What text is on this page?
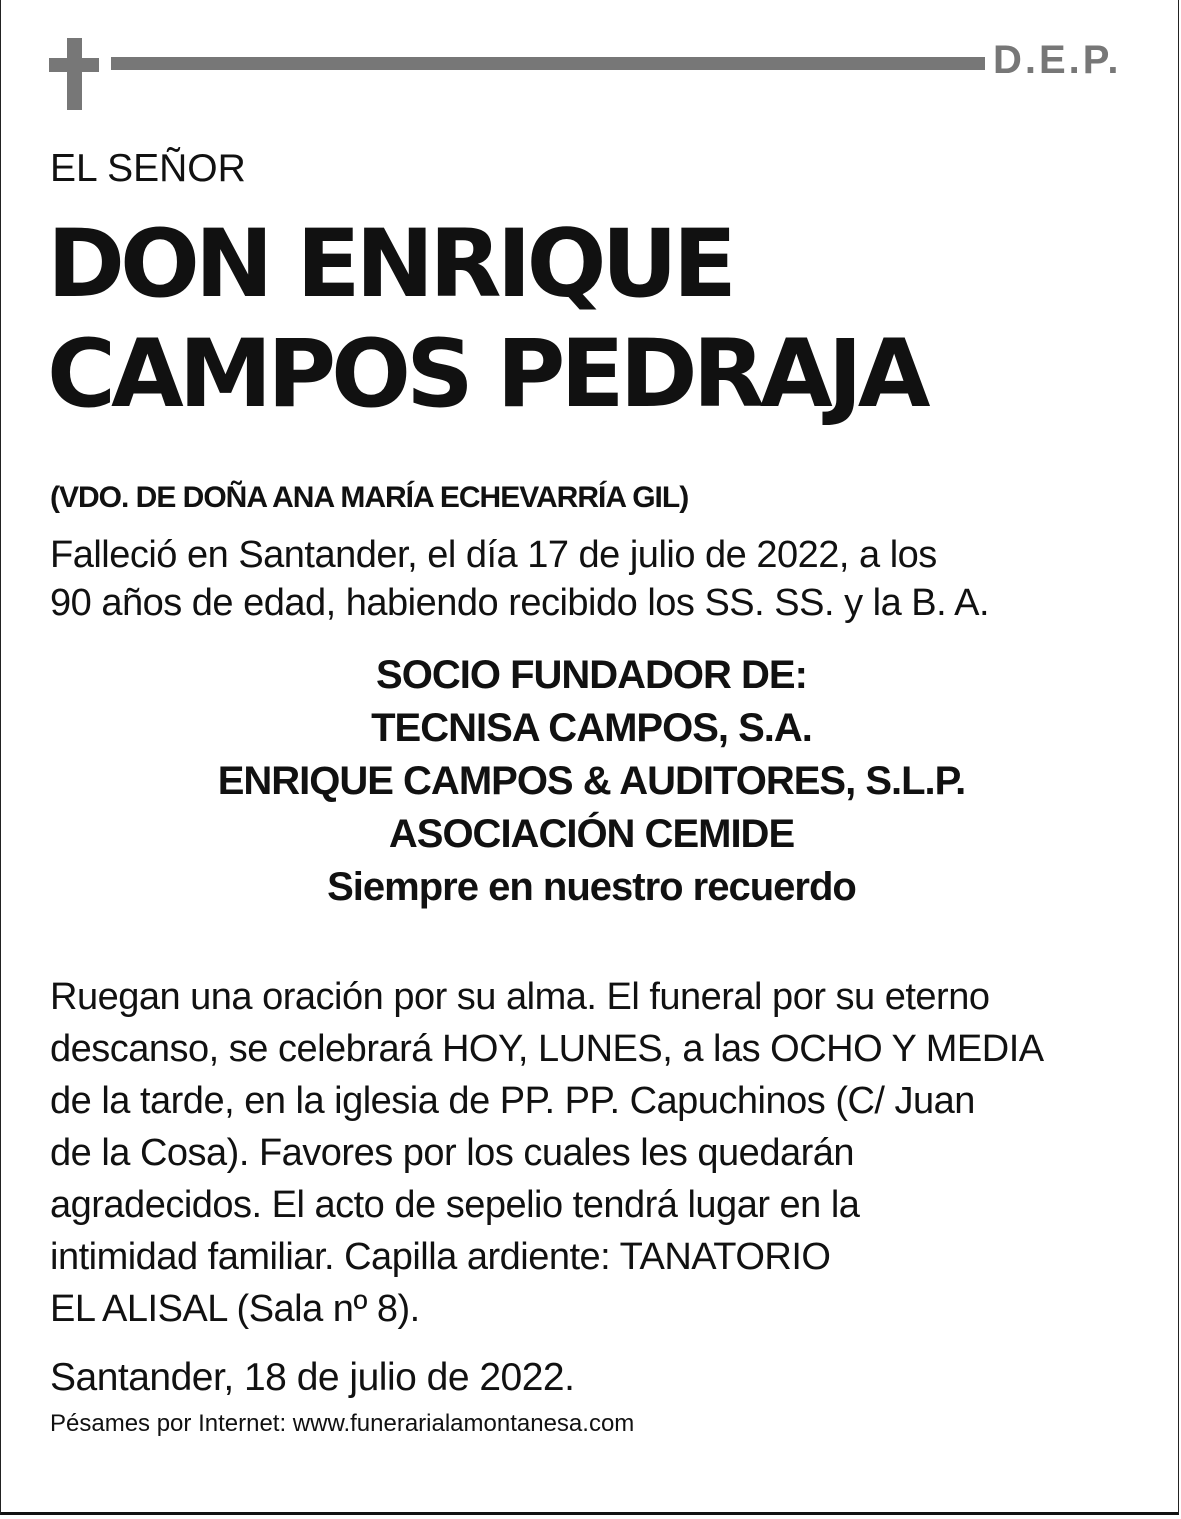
D.E.P.
EL SEÑOR
DON ENRIQUE
CAMPOS PEDRAJA
(VDO. DE DOÑA ANA MARÍA ECHEVARRÍA GIL)

Falleció en Santander, el día 17 de julio de 2022, a los
90 años de edad, habiendo recibido los SS. SS. y la B. A.

SOCIO FUNDADOR DE:
TECNISA CAMPOS, S.A.
ENRIQUE CAMPOS & AUDITORES, S.L.P.
ASOCIACIÓN CEMIDE
Siempre en nuestro recuerdo

Ruegan una oración por su alma. El funeral por su eterno
descanso, se celebrará HOY, LUNES, a las OCHO Y MEDIA
de la tarde, en la iglesia de PP. PP. Capuchinos (C/ Juan
de la Cosa). Favores por los cuales les quedarán
agradecidos. El acto de sepelio tendrá lugar en la
intimidad familiar. Capilla ardiente: TANATORIO
EL ALISAL (Sala nº 8).

Santander, 18 de julio de 2022.
Pésames por Internet: www.funerarialamontanesa.com
